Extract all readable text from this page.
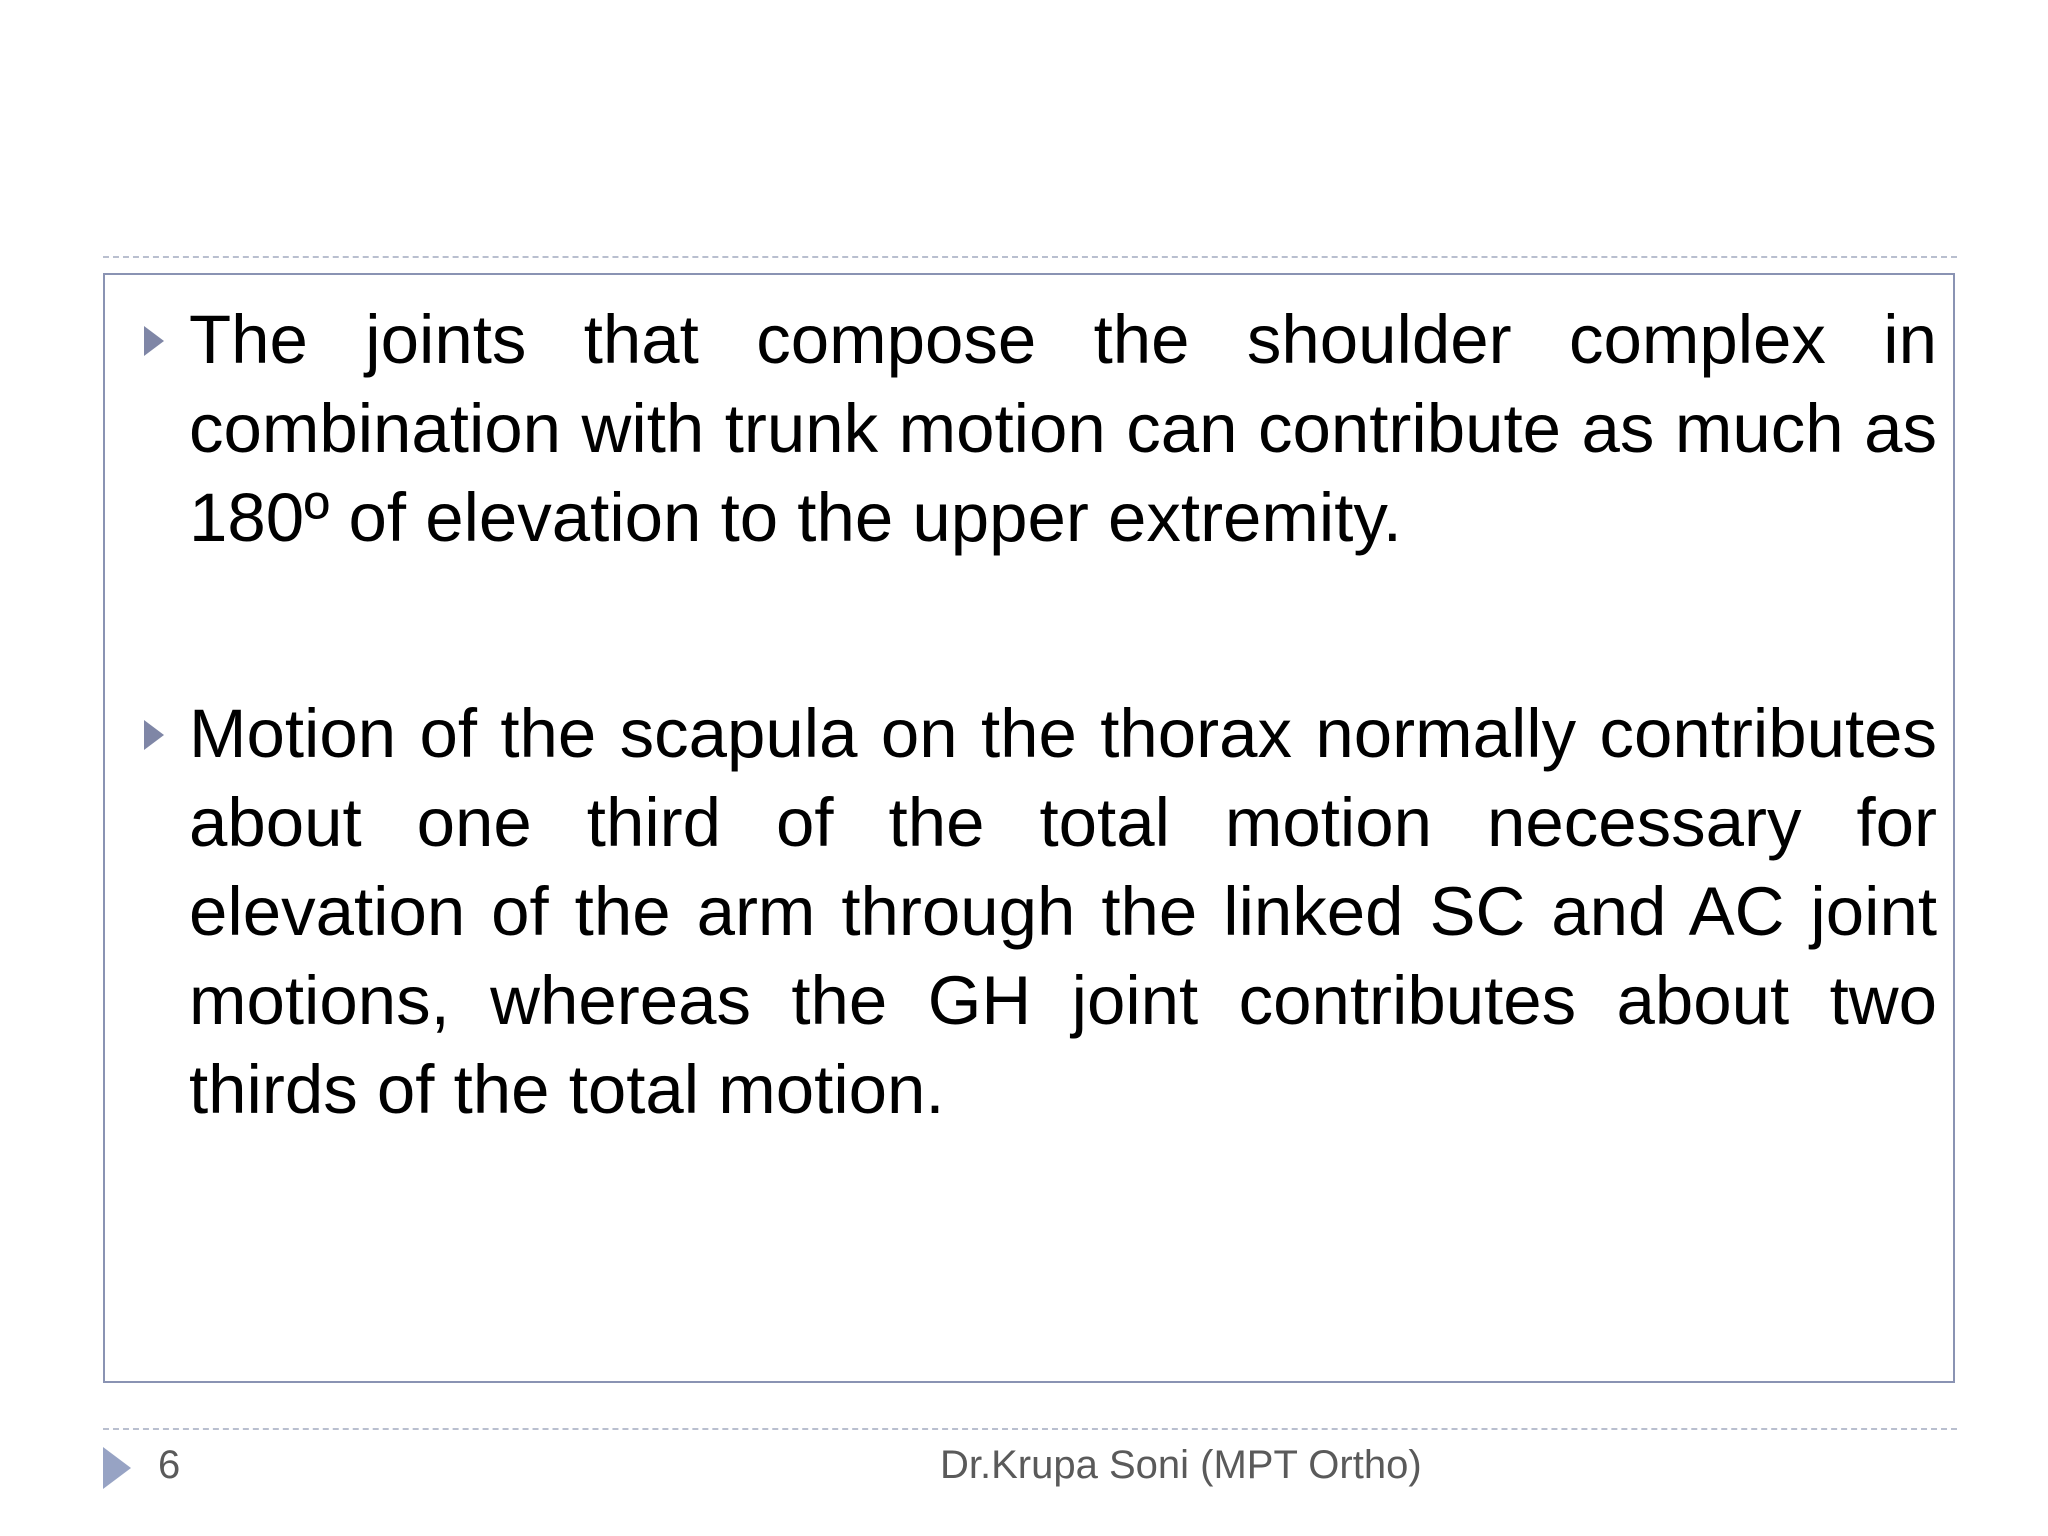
The joints that compose the shoulder complex in combination with trunk motion can contribute as much as 180º of elevation to the upper extremity.
Motion of the scapula on the thorax normally contributes about one third of the total motion necessary for elevation of the arm through the linked SC and AC joint motions, whereas the GH joint contributes about two thirds of the total motion.
6	Dr.Krupa Soni (MPT Ortho)
